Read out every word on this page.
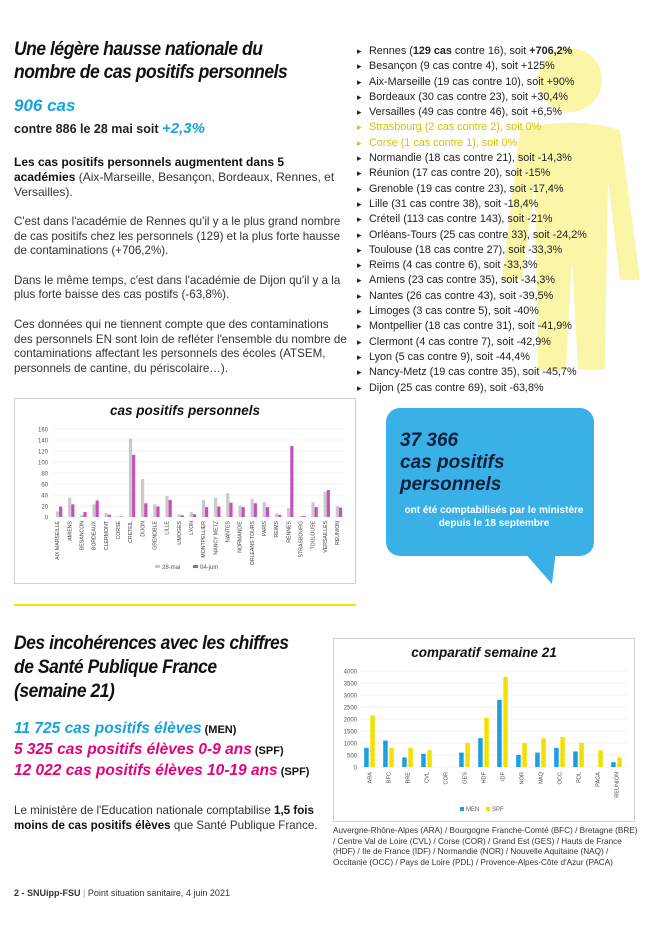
Une légère hausse nationale du
nombre de cas positifs personnels
906 cas
contre 886 le 28 mai soit +2,3%

Les cas positifs personnels augmentent dans 5 académies (Aix-Marseille, Besançon, Bordeaux, Rennes, et Versailles).

C'est dans l'académie de Rennes qu'il y a le plus grand nombre de cas positifs chez les personnels (129) et la plus forte hausse de contaminations (+706,2%).

Dans le même temps, c'est dans l'académie de Dijon qu'il y a la plus forte baisse des cas postifs (-63,8%).

Ces données qui ne tiennent compte que des contaminations des personnels EN sont loin de refléter l'ensemble du nombre de contaminations affectant les personnels des écoles (ATSEM, personnels de cantine, du périscolaire…).

▸ Rennes (129 cas contre 16), soit +706,2%
▸ Besançon (9 cas contre 4), soit +125%
▸ Aix-Marseille (19 cas contre 10), soit +90%
▸ Bordeaux (30 cas contre 23), soit +30,4%
▸ Versailles (49 cas contre 46), soit +6,5%
▸ Strasbourg (2 cas contre 2), soit 0%
▸ Corse (1 cas contre 1), soit 0%
▸ Normandie (18 cas contre 21), soit -14,3%
▸ Réunion (17 cas contre 20), soit -15%
▸ Grenoble (19 cas contre 23), soit -17,4%
▸ Lille (31 cas contre 38), soit -18,4%
▸ Créteil (113 cas contre 143), soit -21%
▸ Orléans-Tours (25 cas contre 33), soit -24,2%
▸ Toulouse (18 cas contre 27), soit -33,3%
▸ Reims (4 cas contre 6), soit -33,3%
▸ Amiens (23 cas contre 35), soit -34,3%
▸ Nantes (26 cas contre 43), soit -39,5%
▸ Limoges (3 cas contre 5), soit -40%
▸ Montpellier (18 cas contre 31), soit -41,9%
▸ Clermont (4 cas contre 7), soit -42,9%
▸ Lyon (5 cas contre 9), soit -44,4%
▸ Nancy-Metz (19 cas contre 35), soit -45,7%
▸ Dijon (25 cas contre 69), soit -63,8%
cas positifs personnels
0
20
40
60
80
100
120
140
160
AIX MARSEILLE AMIENS BESANCON BORDEAUX CLERMONT CORSE CRETEIL DIJON GRENOBLE LILLE LIMOGES LYON MONTPELLIER NANCY METZ NANTES NORMANDIE ORLEANS TOURS PARIS REIMS RENNES STRASBOURG TOULOUSE VERSAILLES REUNION
28-mai	04-juin
37 366
cas positifs
personnels
ont été comptabilisés par le ministère depuis le 18 septembre
Des incohérences avec les chiffres
de Santé Publique France
(semaine 21)
11 725 cas positifs élèves (MEN)
5 325 cas positifs élèves 0-9 ans (SPF)
12 022 cas positifs élèves 10-19 ans (SPF)

Le ministère de l'Education nationale comptabilise 1,5 fois moins de cas positifs élèves que Santé Publique France.

comparatif semaine 21
0
500
1000
1500
2000
2500
3000
3500
4000
ARA BFC BRE CVL COR GES HDF IDF NOR NAQ OCC PDL PACA REUNION
MEN SPF
Auvergne-Rhône-Alpes (ARA) / Bourgogne Franche-Comté (BFC) / Bretagne (BRE) / Centre Val de Loire (CVL) / Corse (COR) / Grand Est (GES) / Hauts de France (HDF) / Ile de France (IDF) / Normandie (NOR) / Nouvelle Aquitaine (NAQ) / Occitanie (OCC) / Pays de Loire (PDL) / Provence-Alpes-Côte d'Azur (PACA)
2 - SNUipp-FSU | Point situation sanitaire, 4 juin 2021
